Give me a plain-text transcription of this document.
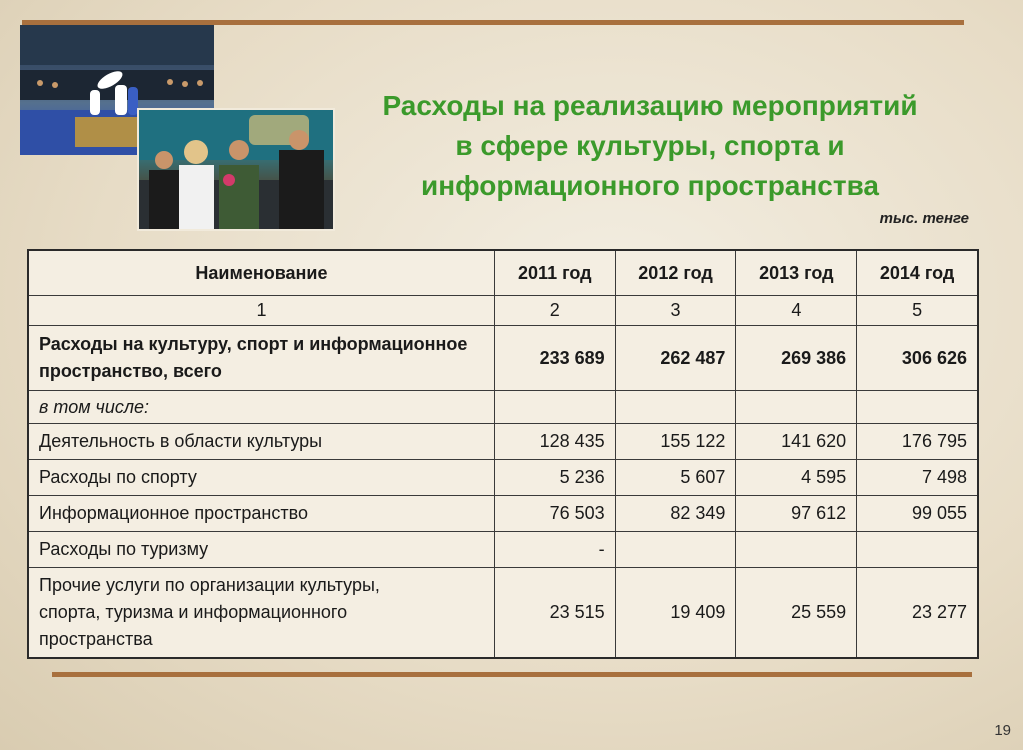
Расходы на реализацию мероприятий
в сфере культуры, спорта и
информационного пространства
тыс. тенге
Наименование	2011 год	2012 год	2013 год	2014 год
1	2	3	4	5
Расходы на культуру, спорт и информационное пространство, всего	233 689	262 487	269 386	306 626
в том числе:				
Деятельность в области культуры	128 435	155 122	141 620	176 795
Расходы по спорту	5 236	5 607	4 595	7 498
Информационное пространство	76 503	82 349	97 612	99 055
Расходы по туризму	-			
Прочие услуги по организации культуры,
спорта, туризма и информационного
пространства	23 515	19 409	25 559	23 277
19
